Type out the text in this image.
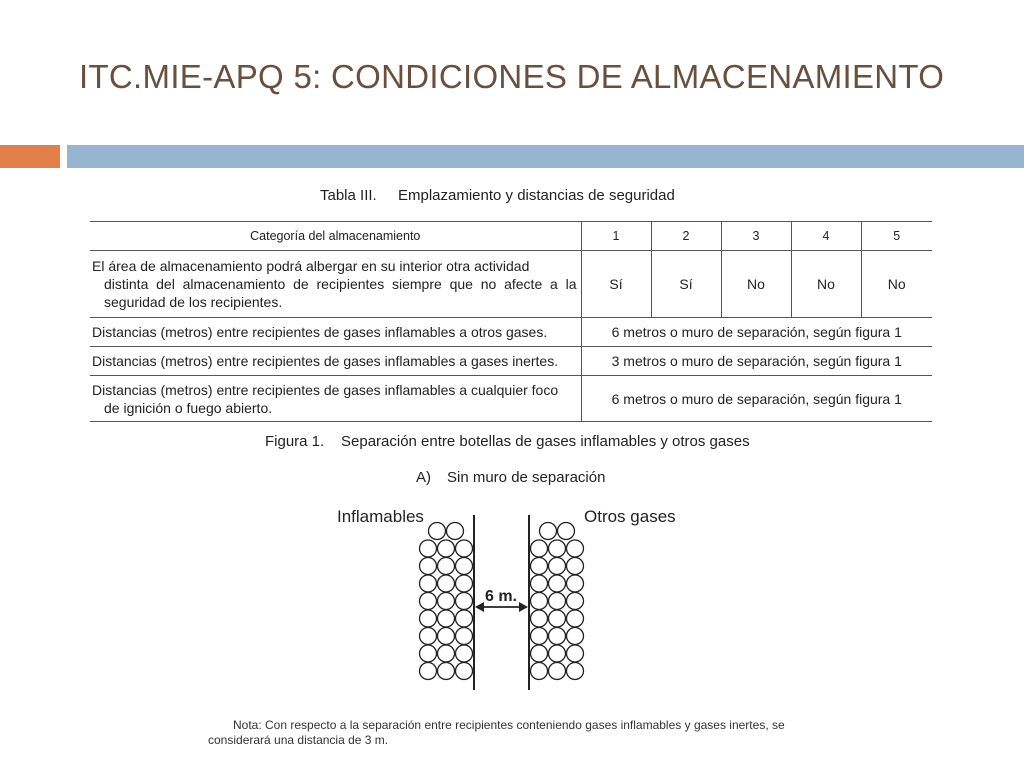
ITC.MIE-APQ 5: CONDICIONES DE ALMACENAMIENTO
Tabla III. Emplazamiento y distancias de seguridad
Categoría del almacenamiento	1	2	3	4	5
El área de almacenamiento podrá albergar en su interior otra actividad
distinta del almacenamiento de recipientes siempre que no afecte a la seguridad de los recipientes.	Sí	Sí	No	No	No
Distancias (metros) entre recipientes de gases inflamables a otros gases.	6 metros o muro de separación, según figura 1				
Distancias (metros) entre recipientes de gases inflamables a gases inertes.	3 metros o muro de separación, según figura 1				
Distancias (metros) entre recipientes de gases inflamables a cualquier foco
de ignición o fuego abierto.	6 metros o muro de separación, según figura 1				
Figura 1. Separación entre botellas de gases inflamables y otros gases
A) Sin muro de separación
Inflamables	Otros gases
6 m.
Nota: Con respecto a la separación entre recipientes conteniendo gases inflamables y gases inertes, se
considerará una distancia de 3 m.
